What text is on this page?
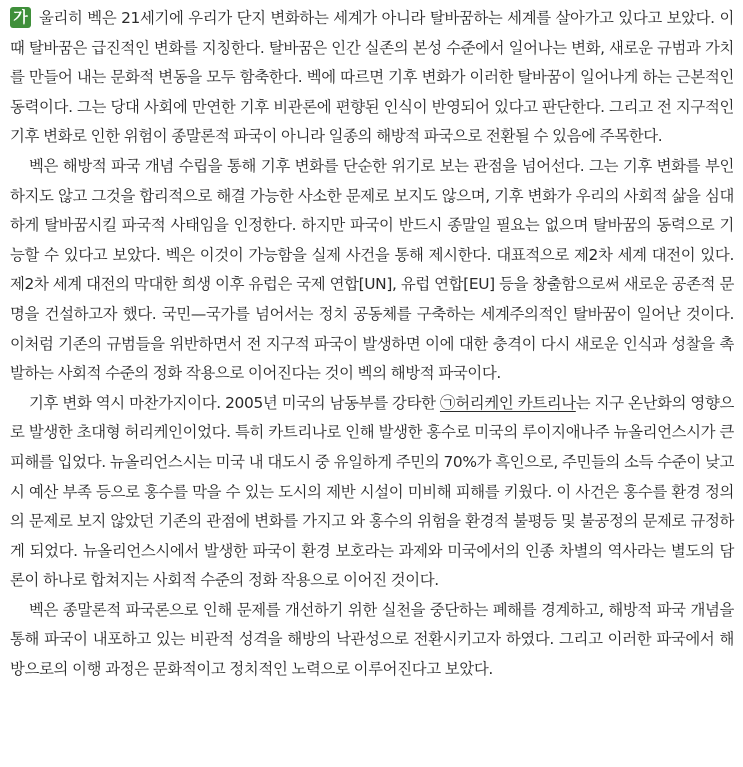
가 울리히 벡은 21세기에 우리가 단지 변화하는 세계가 아니라 탈바꿈하는 세계를 살아가고 있다고 보았다. 이때 탈바꿈은 급진적인 변화를 지칭한다. 탈바꿈은 인간 실존의 본성 수준에서 일어나는 변화, 새로운 규범과 가치를 만들어 내는 문화적 변동을 모두 함축한다. 벡에 따르면 기후 변화가 이러한 탈바꿈이 일어나게 하는 근본적인 동력이다. 그는 당대 사회에 만연한 기후 비관론에 편향된 인식이 반영되어 있다고 판단한다. 그리고 전 지구적인 기후 변화로 인한 위험이 종말론적 파국이 아니라 일종의 해방적 파국으로 전환될 수 있음에 주목한다.

벡은 해방적 파국 개념 수립을 통해 기후 변화를 단순한 위기로 보는 관점을 넘어선다. 그는 기후 변화를 부인하지도 않고 그것을 합리적으로 해결 가능한 사소한 문제로 보지도 않으며, 기후 변화가 우리의 사회적 삶을 심대하게 탈바꿈시킬 파국적 사태임을 인정한다. 하지만 파국이 반드시 종말일 필요는 없으며 탈바꿈의 동력으로 기능할 수 있다고 보았다. 벡은 이것이 가능함을 실제 사건을 통해 제시한다. 대표적으로 제2차 세계 대전이 있다. 제2차 세계 대전의 막대한 희생 이후 유럽은 국제 연합[UN], 유럽 연합[EU] 등을 창출함으로써 새로운 공존적 문명을 건설하고자 했다. 국민—국가를 넘어서는 정치 공동체를 구축하는 세계주의적인 탈바꿈이 일어난 것이다. 이처럼 기존의 규범들을 위반하면서 전 지구적 파국이 발생하면 이에 대한 충격이 다시 새로운 인식과 성찰을 촉발하는 사회적 수준의 정화 작용으로 이어진다는 것이 벡의 해방적 파국이다.

기후 변화 역시 마찬가지이다. 2005년 미국의 남동부를 강타한 ㉠허리케인 카트리나는 지구 온난화의 영향으로 발생한 초대형 허리케인이었다. 특히 카트리나로 인해 발생한 홍수로 미국의 루이지애나주 뉴올리언스시가 큰 피해를 입었다. 뉴올리언스시는 미국 내 대도시 중 유일하게 주민의 70%가 흑인으로, 주민들의 소득 수준이 낮고 시 예산 부족 등으로 홍수를 막을 수 있는 도시의 제반 시설이 미비해 피해를 키웠다. 이 사건은 홍수를 환경 정의의 문제로 보지 않았던 기존의 관점에 변화를 가지고 와 홍수의 위험을 환경적 불평등 및 불공정의 문제로 규정하게 되었다. 뉴올리언스시에서 발생한 파국이 환경 보호라는 과제와 미국에서의 인종 차별의 역사라는 별도의 담론이 하나로 합쳐지는 사회적 수준의 정화 작용으로 이어진 것이다.

벡은 종말론적 파국론으로 인해 문제를 개선하기 위한 실천을 중단하는 폐해를 경계하고, 해방적 파국 개념을 통해 파국이 내포하고 있는 비관적 성격을 해방의 낙관성으로 전환시키고자 하였다. 그리고 이러한 파국에서 해방으로의 이행 과정은 문화적이고 정치적인 노력으로 이루어진다고 보았다.
